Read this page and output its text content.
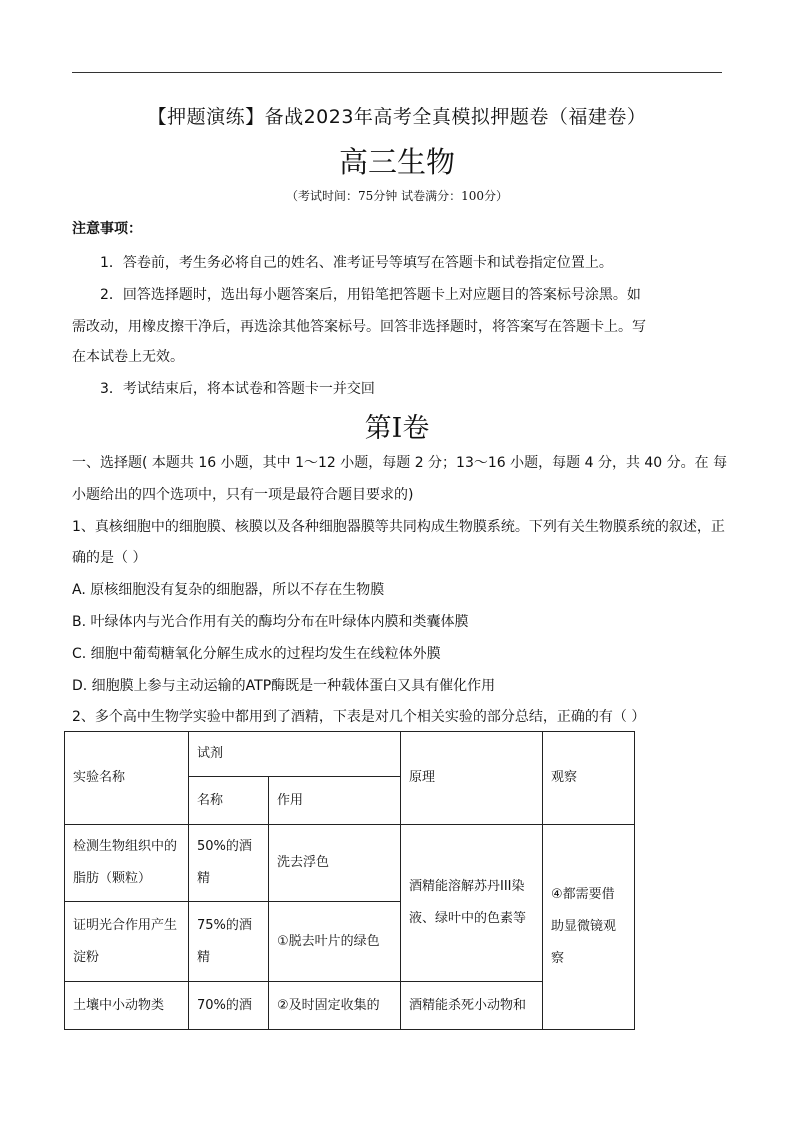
【押题演练】备战2023年高考全真模拟押题卷（福建卷）
高三生物
（考试时间：75分钟 试卷满分：100分）
注意事项：
1．答卷前，考生务必将自己的姓名、准考证号等填写在答题卡和试卷指定位置上。
2．回答选择题时，选出每小题答案后，用铅笔把答题卡上对应题目的答案标号涂黑。如
需改动，用橡皮擦干净后，再选涂其他答案标号。回答非选择题时，将答案写在答题卡上。写
在本试卷上无效。
3．考试结束后，将本试卷和答题卡一并交回
第I卷
一、选择题( 本题共 16 小题，其中 1～12 小题，每题 2 分；13～16 小题，每题 4 分，共 40 分。在 每
小题给出的四个选项中，只有一项是最符合题目要求的)
1、真核细胞中的细胞膜、核膜以及各种细胞器膜等共同构成生物膜系统。下列有关生物膜系统的叙述，正
确的是（ ）
A. 原核细胞没有复杂的细胞器，所以不存在生物膜
B. 叶绿体内与光合作用有关的酶均分布在叶绿体内膜和类囊体膜
C. 细胞中葡萄糖氧化分解生成水的过程均发生在线粒体外膜
D. 细胞膜上参与主动运输的ATP酶既是一种载体蛋白又具有催化作用
2、多个高中生物学实验中都用到了酒精，下表是对几个相关实验的部分总结，正确的有（ ）
实验名称	试剂		原理	观察
	名称	作用		
检测生物组织中的脂肪（颗粒）	50%的酒精	洗去浮色	酒精能溶解苏丹III染液、绿叶中的色素等	④都需要借助显微镜观察
证明光合作用产生淀粉	75%的酒精	①脱去叶片的绿色		
土壤中小动物类	70%的酒	②及时固定收集的	酒精能杀死小动物和	
